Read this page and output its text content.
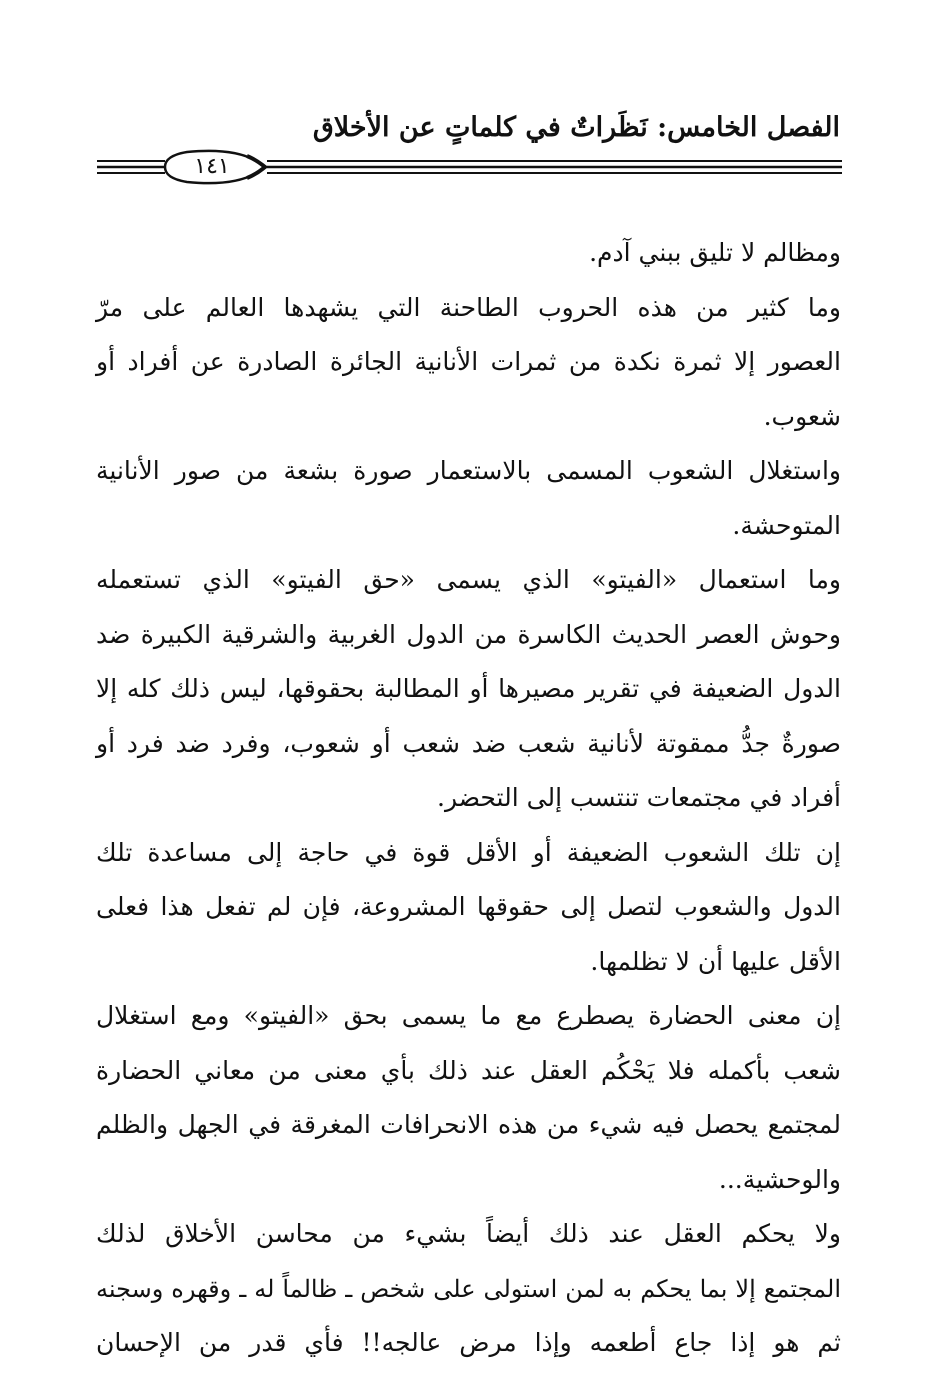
الفصل الخامس: نَظَراتٌ في كلماتٍ عن الأخلاق
١٤١
ومظالم لا تليق ببني آدم.
وما كثير من هذه الحروب الطاحنة التي يشهدها العالم على مرّ
العصور إلا ثمرة نكدة من ثمرات الأنانية الجائرة الصادرة عن أفراد أو
شعوب.
واستغلال الشعوب المسمى بالاستعمار صورة بشعة من صور الأنانية
المتوحشة.
وما استعمال «الفيتو» الذي يسمى «حق الفيتو» الذي تستعمله
وحوش العصر الحديث الكاسرة من الدول الغربية والشرقية الكبيرة ضد
الدول الضعيفة في تقرير مصيرها أو المطالبة بحقوقها، ليس ذلك كله إلا
صورةٌ جدُّ ممقوتة لأنانية شعب ضد شعب أو شعوب، وفرد ضد فرد أو
أفراد في مجتمعات تنتسب إلى التحضر.
إن تلك الشعوب الضعيفة أو الأقل قوة في حاجة إلى مساعدة تلك
الدول والشعوب لتصل إلى حقوقها المشروعة، فإن لم تفعل هذا فعلى
الأقل عليها أن لا تظلمها.
إن معنى الحضارة يصطرع مع ما يسمى بحق «الفيتو» ومع استغلال
شعب بأكمله فلا يَحْكُم العقل عند ذلك بأي معنى من معاني الحضارة
لمجتمع يحصل فيه شيء من هذه الانحرافات المغرقة في الجهل والظلم
والوحشية...
ولا يحكم العقل عند ذلك أيضاً بشيء من محاسن الأخلاق لذلك
المجتمع إلا بما يحكم به لمن استولى على شخص ـ ظالماً له ـ وقهره وسجنه
ثم هو إذا جاع أطعمه وإذا مرض عالجه!! فأي قدر من الإحسان
